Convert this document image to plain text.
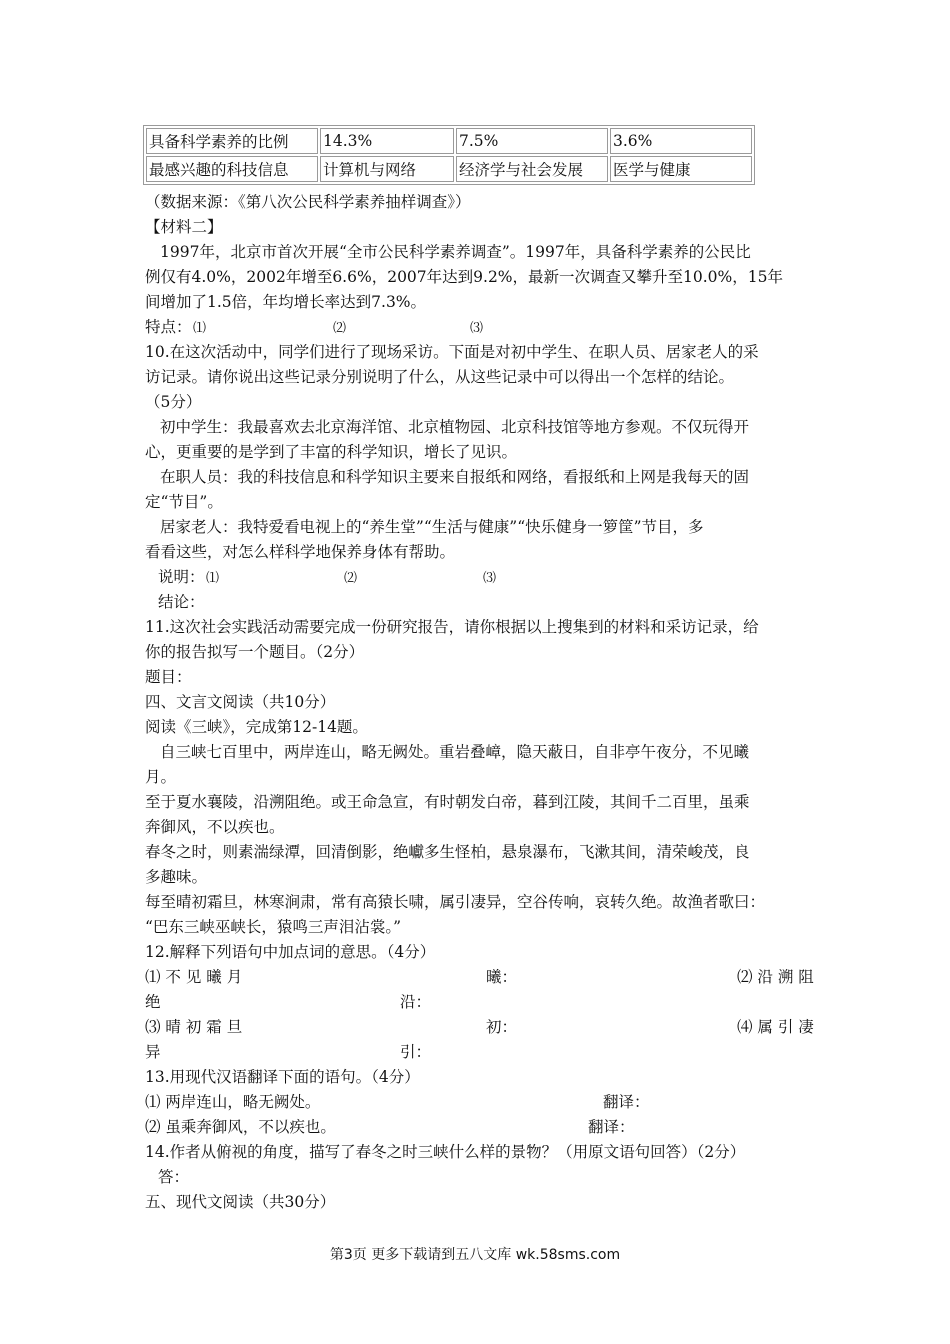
具备科学素养的比例	14.3%	7.5%	3.6%
最感兴趣的科技信息	计算机与网络	经济学与社会发展	医学与健康
（数据来源：《第八次公民科学素养抽样调查》）
【材料二】
1997年，北京市首次开展“全市公民科学素养调查”。1997年，具备科学素养的公民比
例仅有4.0%，2002年增至6.6%，2007年达到9.2%，最新一次调查又攀升至10.0%，15年
间增加了1.5倍，年均增长率达到7.3%。
特点： ⑴	⑵	⑶
10.在这次活动中，同学们进行了现场采访。下面是对初中学生、在职人员、居家老人的采
访记录。请你说出这些记录分别说明了什么，从这些记录中可以得出一个怎样的结论。
（5分）
初中学生：我最喜欢去北京海洋馆、北京植物园、北京科技馆等地方参观。不仅玩得开
心，更重要的是学到了丰富的科学知识，增长了见识。
在职人员：我的科技信息和科学知识主要来自报纸和网络，看报纸和上网是我每天的固
定“节目”。
居家老人：我特爱看电视上的“养生堂”“生活与健康”“快乐健身一箩筐”节目，多
看看这些，对怎么样科学地保养身体有帮助。
说明： ⑴	⑵	⑶
结论：
11.这次社会实践活动需要完成一份研究报告，请你根据以上搜集到的材料和采访记录，给
你的报告拟写一个题目。（2分）
题目：
四、文言文阅读（共10分）
阅读《三峡》，完成第12-14题。
自三峡七百里中，两岸连山，略无阙处。重岩叠嶂，隐天蔽日，自非亭午夜分，不见曦
月。
至于夏水襄陵，沿溯阻绝。或王命急宣，有时朝发白帝，暮到江陵，其间千二百里，虽乘
奔御风，不以疾也。
春冬之时，则素湍绿潭，回清倒影，绝巘多生怪柏，悬泉瀑布，飞漱其间，清荣峻茂，良
多趣味。
每至晴初霜旦，林寒涧肃，常有高猿长啸，属引凄异，空谷传响，哀转久绝。故渔者歌曰：
“巴东三峡巫峡长，猿鸣三声泪沾裳。”
12.解释下列语句中加点词的意思。（4分）
⑴ 不 见 曦 月	曦：	⑵ 沿 溯 阻
绝	沿：
⑶ 晴 初 霜 旦	初：	⑷ 属 引 凄
异	引：
13.用现代汉语翻译下面的语句。（4分）
⑴ 两岸连山，略无阙处。	翻译：
⑵ 虽乘奔御风，不以疾也。	翻译：
14.作者从俯视的角度，描写了春冬之时三峡什么样的景物？（用原文语句回答）（2分）
答：
五、现代文阅读（共30分）
第3页 更多下载请到五八文库 wk.58sms.com
